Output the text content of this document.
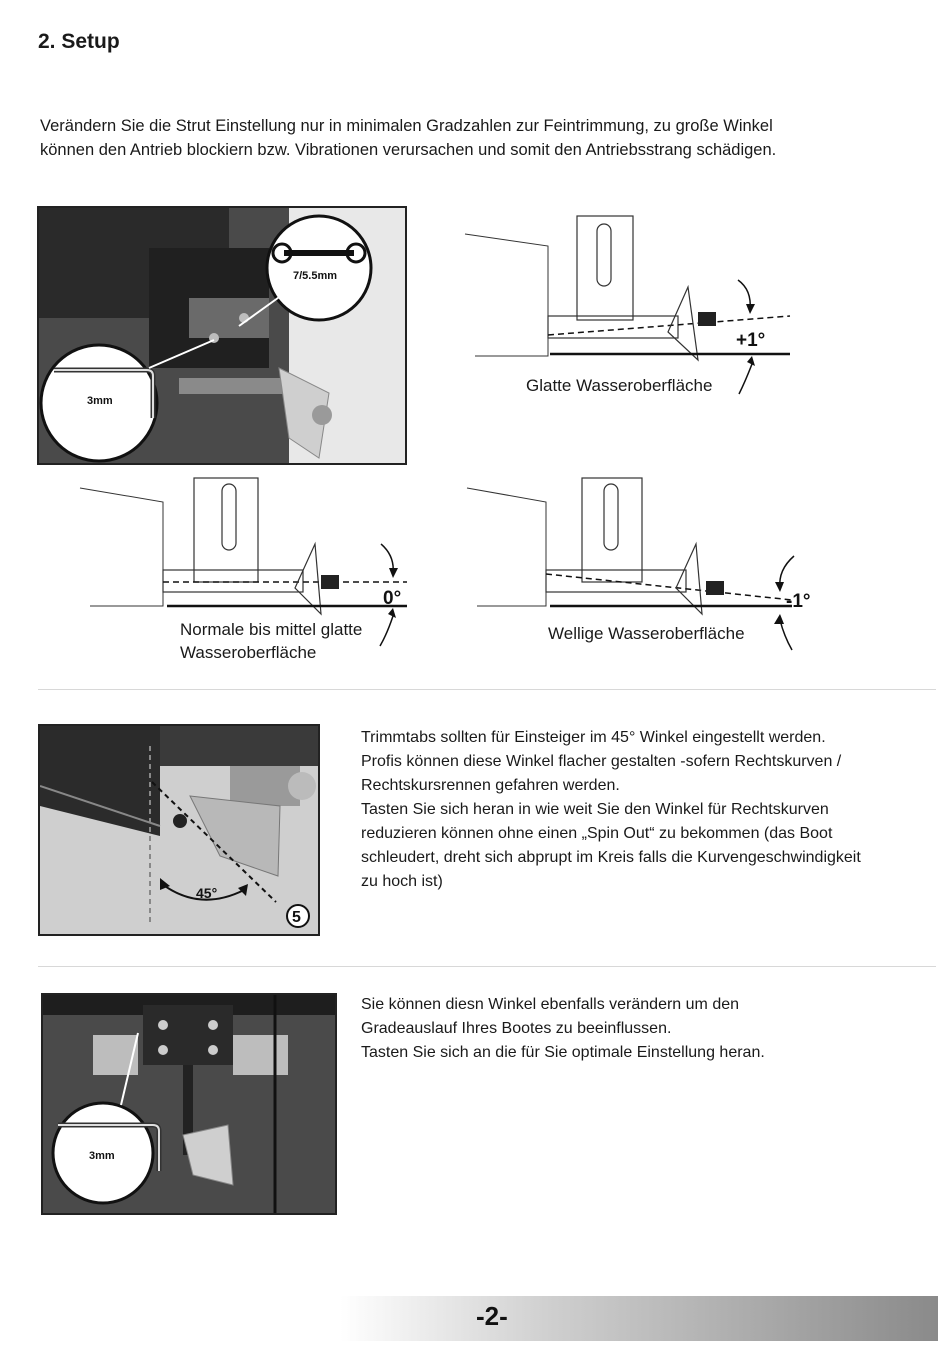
2. Setup
Verändern Sie die Strut Einstellung nur in minimalen Gradzahlen zur Feintrimmung, zu große Winkel
können den Antrieb blockiern bzw. Vibrationen verursachen und somit den Antriebsstrang schädigen.
7/5.5mm
3mm
+1°
Glatte Wasseroberfläche
0°
Normale bis mittel glatte
Wasseroberfläche
-1°
Wellige Wasseroberfläche
45°
5

Trimmtabs sollten für Einsteiger im 45° Winkel eingestellt werden.

Profis können diese Winkel flacher gestalten -sofern Rechtskurven /

Rechtskursrennen gefahren werden.

Tasten Sie sich heran in wie weit Sie den Winkel für Rechtskurven

reduzieren können ohne einen „Spin Out“ zu bekommen (das Boot

schleudert, dreht sich abprupt im Kreis falls die Kurvengeschwindigkeit

zu hoch ist)

3mm

Sie können diesn Winkel ebenfalls verändern um den

Gradeauslauf Ihres Bootes zu beeinflussen.

Tasten Sie sich an die für Sie optimale Einstellung heran.

-2-
